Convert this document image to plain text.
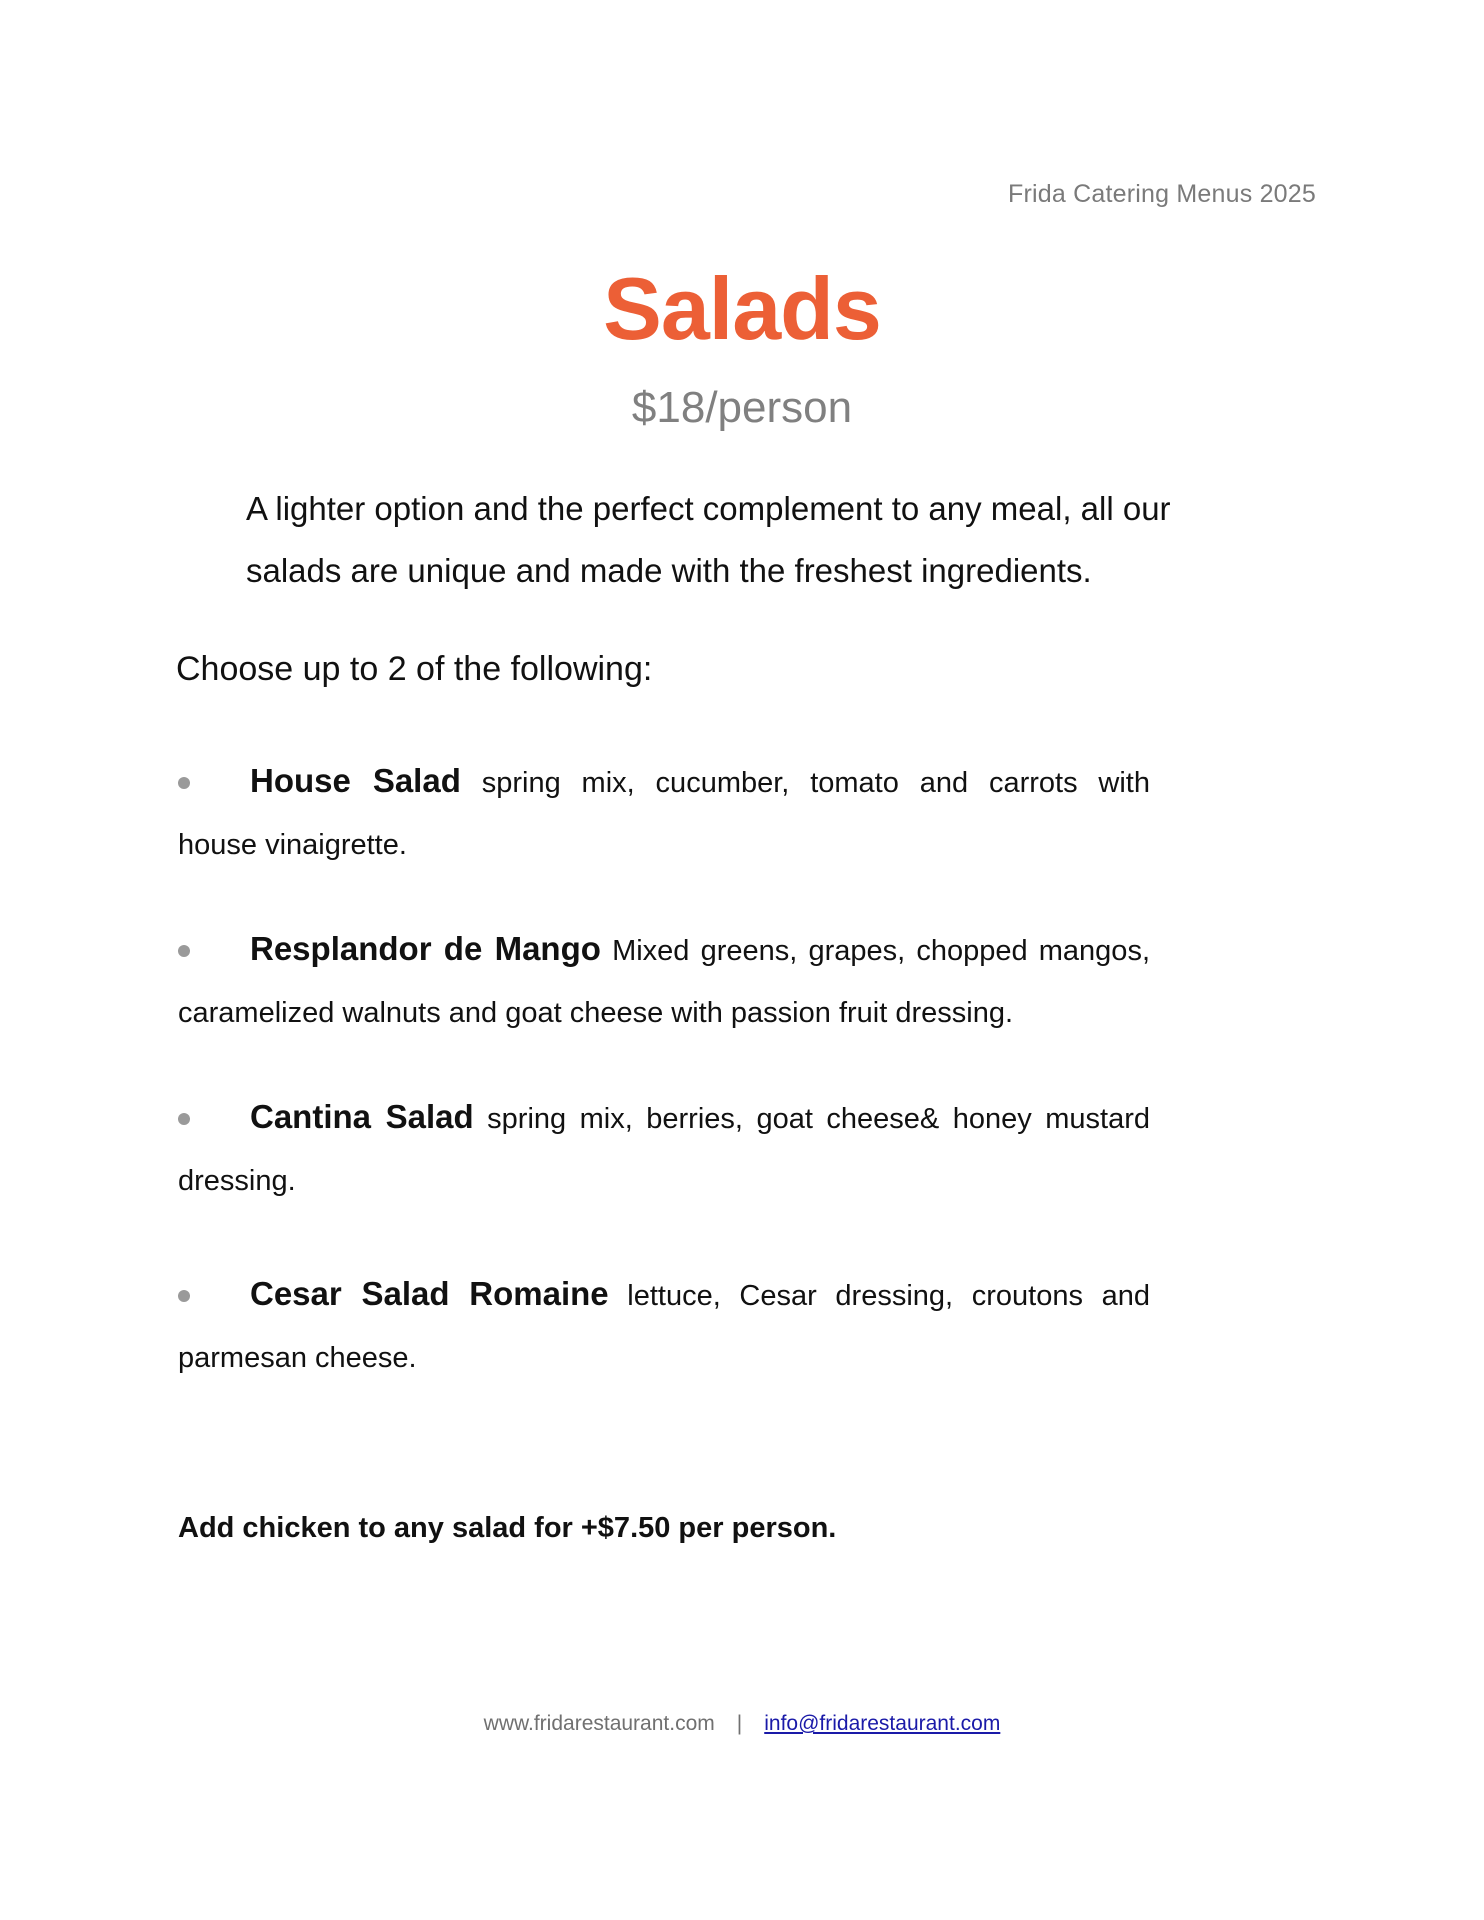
Frida Catering Menus 2025
Salads
$18/person
A lighter option and the perfect complement to any meal, all our salads are unique and made with the freshest ingredients.
Choose up to 2 of the following:
House Salad spring mix, cucumber, tomato and carrots with
house vinaigrette.
Resplandor de Mango Mixed greens, grapes, chopped mangos,
caramelized walnuts and goat cheese with passion fruit dressing.
Cantina Salad spring mix, berries, goat cheese& honey mustard
dressing.
Cesar Salad Romaine lettuce, Cesar dressing, croutons and
parmesan cheese.
Add chicken to any salad for +$7.50 per person.
www.fridarestaurant.com | info@fridarestaurant.com
